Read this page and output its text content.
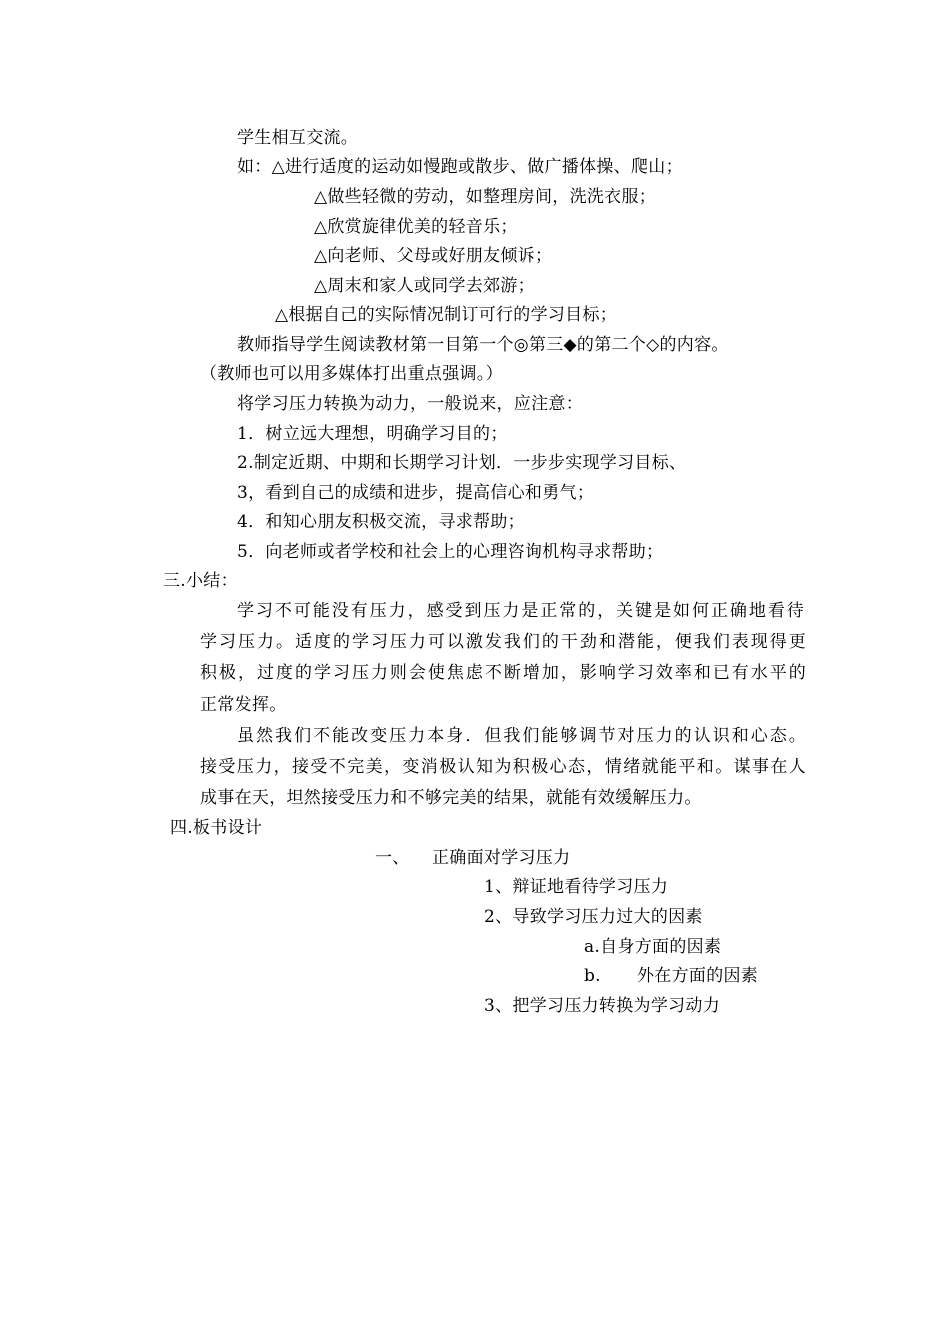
学生相互交流。
如：△进行适度的运动如慢跑或散步、做广播体操、爬山；
△做些轻微的劳动，如整理房间，洗洗衣服；
△欣赏旋律优美的轻音乐；
△向老师、父母或好朋友倾诉；
△周末和家人或同学去郊游；
△根据自己的实际情况制订可行的学习目标；
教师指导学生阅读教材第一目第一个◎第三◆的第二个◇的内容。
（教师也可以用多媒体打出重点强调。）
将学习压力转换为动力，一般说来，应注意：
1．树立远大理想，明确学习目的；
2.制定近期、中期和长期学习计划．一步步实现学习目标、
3，看到自己的成绩和进步，提高信心和勇气；
4．和知心朋友积极交流，寻求帮助；
5．向老师或者学校和社会上的心理咨询机构寻求帮助；
三.小结：
学习不可能没有压力，感受到压力是正常的，关键是如何正确地看待
学习压力。适度的学习压力可以激发我们的干劲和潜能，便我们表现得更
积极，过度的学习压力则会使焦虑不断增加，影响学习效率和已有水平的
正常发挥。
虽然我们不能改变压力本身．但我们能够调节对压力的认识和心态。
接受压力，接受不完美，变消极认知为积极心态，情绪就能平和。谋事在人
成事在天，坦然接受压力和不够完美的结果，就能有效缓解压力。
四.板书设计
一、 正确面对学习压力
1、辩证地看待学习压力
2、导致学习压力过大的因素
a.自身方面的因素
b. 外在方面的因素
3、把学习压力转换为学习动力
